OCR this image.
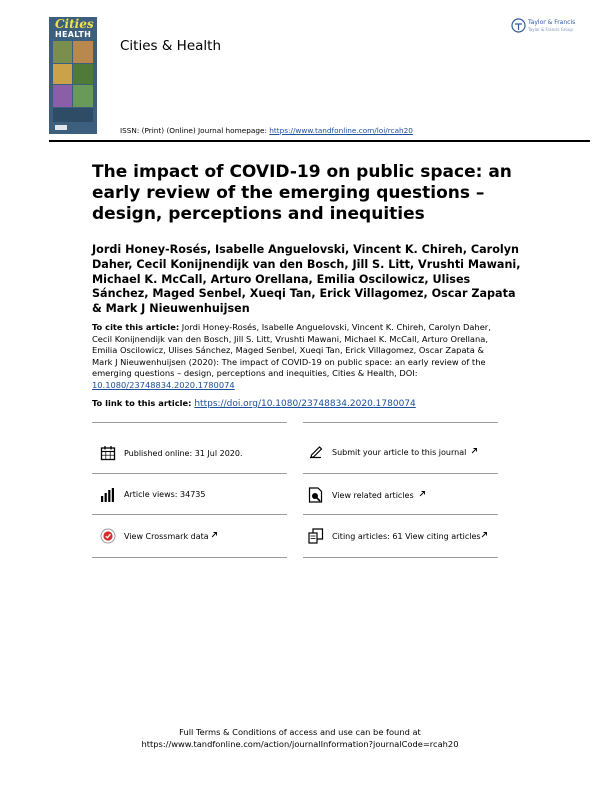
Cities
HEALTH
Cities & Health
Taylor & Francis
Taylor & Francis Group
ISSN: (Print) (Online) Journal homepage: https://www.tandfonline.com/loi/rcah20
The impact of COVID-19 on public space: an early review of the emerging questions – design, perceptions and inequities
Jordi Honey-Rosés, Isabelle Anguelovski, Vincent K. Chireh, Carolyn Daher, Cecil Konijnendijk van den Bosch, Jill S. Litt, Vrushti Mawani, Michael K. McCall, Arturo Orellana, Emilia Oscilowicz, Ulises Sánchez, Maged Senbel, Xueqi Tan, Erick Villagomez, Oscar Zapata & Mark J Nieuwenhuijsen
To cite this article: Jordi Honey-Rosés, Isabelle Anguelovski, Vincent K. Chireh, Carolyn Daher, Cecil Konijnendijk van den Bosch, Jill S. Litt, Vrushti Mawani, Michael K. McCall, Arturo Orellana, Emilia Oscilowicz, Ulises Sánchez, Maged Senbel, Xueqi Tan, Erick Villagomez, Oscar Zapata & Mark J Nieuwenhuijsen (2020): The impact of COVID-19 on public space: an early review of the emerging questions – design, perceptions and inequities, Cities & Health, DOI: 10.1080/23748834.2020.1780074
To link to this article: https://doi.org/10.1080/23748834.2020.1780074
Published online: 31 Jul 2020.	Submit your article to this journal
Article views: 34735	View related articles
View Crossmark data	Citing articles: 61 View citing articles
Full Terms & Conditions of access and use can be found at
https://www.tandfonline.com/action/journalInformation?journalCode=rcah20
